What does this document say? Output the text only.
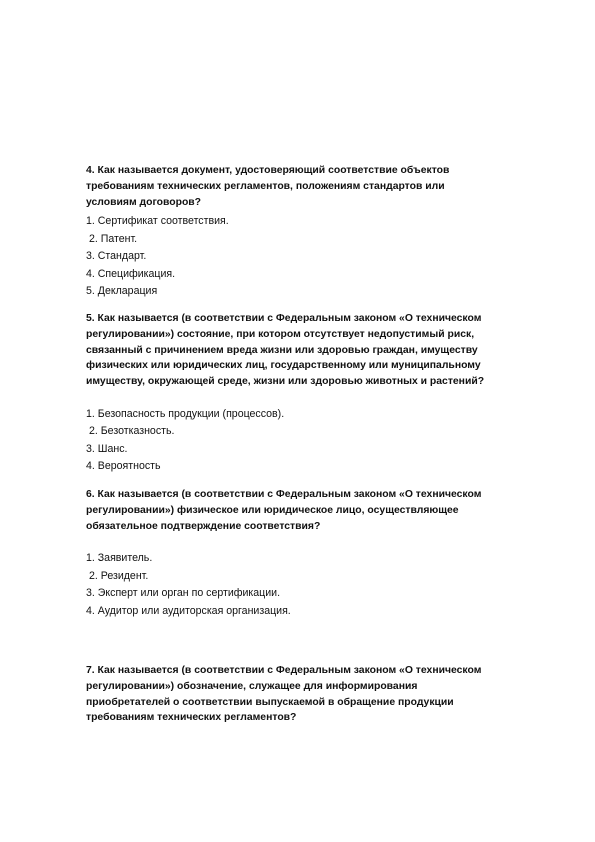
4. Как называется документ, удостоверяющий соответствие объектов
требованиям технических регламентов, положениям стандартов или
условиям договоров?

1. Сертификат соответствия.
2. Патент.
3. Стандарт.
4. Спецификация.
5. Декларация

5. Как называется (в соответствии с Федеральным законом «О техническом
регулировании») состояние, при котором отсутствует недопустимый риск,
связанный с причинением вреда жизни или здоровью граждан, имуществу
физических или юридических лиц, государственному или муниципальному
имуществу, окружающей среде, жизни или здоровью животных и растений?

1. Безопасность продукции (процессов).
2. Безотказность.
3. Шанс.
4. Вероятность

6. Как называется (в соответствии с Федеральным законом «О техническом
регулировании») физическое или юридическое лицо, осуществляющее
обязательное подтверждение соответствия?

1. Заявитель.
2. Резидент.
3. Эксперт или орган по сертификации.
4. Аудитор или аудиторская организация.

7. Как называется (в соответствии с Федеральным законом «О техническом
регулировании») обозначение, служащее для информирования
приобретателей о соответствии выпускаемой в обращение продукции
требованиям технических регламентов?
